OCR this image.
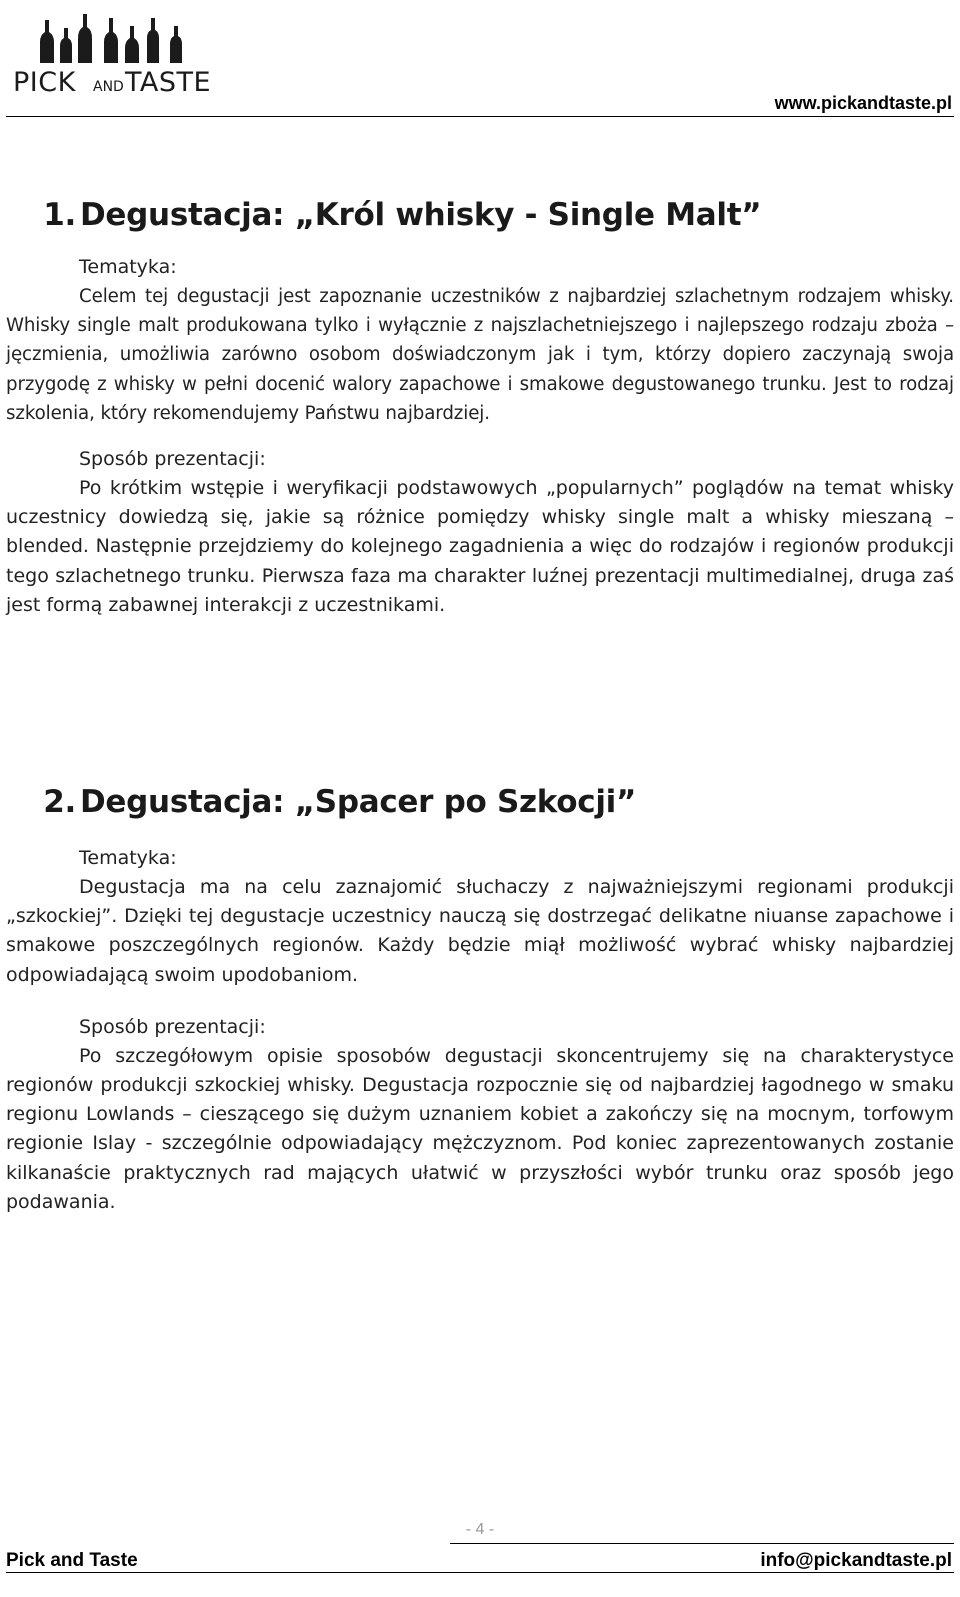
PICK AND TASTE
www.pickandtaste.pl
1. Degustacja: „Król whisky - Single Malt”
Tematyka:
Celem tej degustacji jest zapoznanie uczestników z najbardziej szlachetnym rodzajem whisky. Whisky single malt produkowana tylko i wyłącznie z najszlachetniejszego i najlepszego rodzaju zboża – jęczmienia, umożliwia zarówno osobom doświadczonym jak i tym, którzy dopiero zaczynają swoja przygodę z whisky w pełni docenić walory zapachowe i smakowe degustowanego trunku. Jest to rodzaj szkolenia, który rekomendujemy Państwu najbardziej.
Sposób prezentacji:
Po krótkim wstępie i weryfikacji podstawowych „popularnych” poglądów na temat whisky uczestnicy dowiedzą się, jakie są różnice pomiędzy whisky single malt a whisky mieszaną – blended. Następnie przejdziemy do kolejnego zagadnienia a więc do rodzajów i regionów produkcji tego szlachetnego trunku. Pierwsza faza ma charakter luźnej prezentacji multimedialnej, druga zaś jest formą zabawnej interakcji z uczestnikami.
2. Degustacja: „Spacer po Szkocji”
Tematyka:
Degustacja ma na celu zaznajomić słuchaczy z najważniejszymi regionami produkcji „szkockiej”. Dzięki tej degustacje uczestnicy nauczą się dostrzegać delikatne niuanse zapachowe i smakowe poszczególnych regionów. Każdy będzie miął możliwość wybrać whisky najbardziej odpowiadającą swoim upodobaniom.
Sposób prezentacji:
Po szczegółowym opisie sposobów degustacji skoncentrujemy się na charakterystyce regionów produkcji szkockiej whisky. Degustacja rozpocznie się od najbardziej łagodnego w smaku regionu Lowlands – cieszącego się dużym uznaniem kobiet a zakończy się na mocnym, torfowym regionie Islay - szczególnie odpowiadający mężczyznom. Pod koniec zaprezentowanych zostanie kilkanaście praktycznych rad mających ułatwić w przyszłości wybór trunku oraz sposób jego podawania.
- 4 -
Pick and Taste	info@pickandtaste.pl
